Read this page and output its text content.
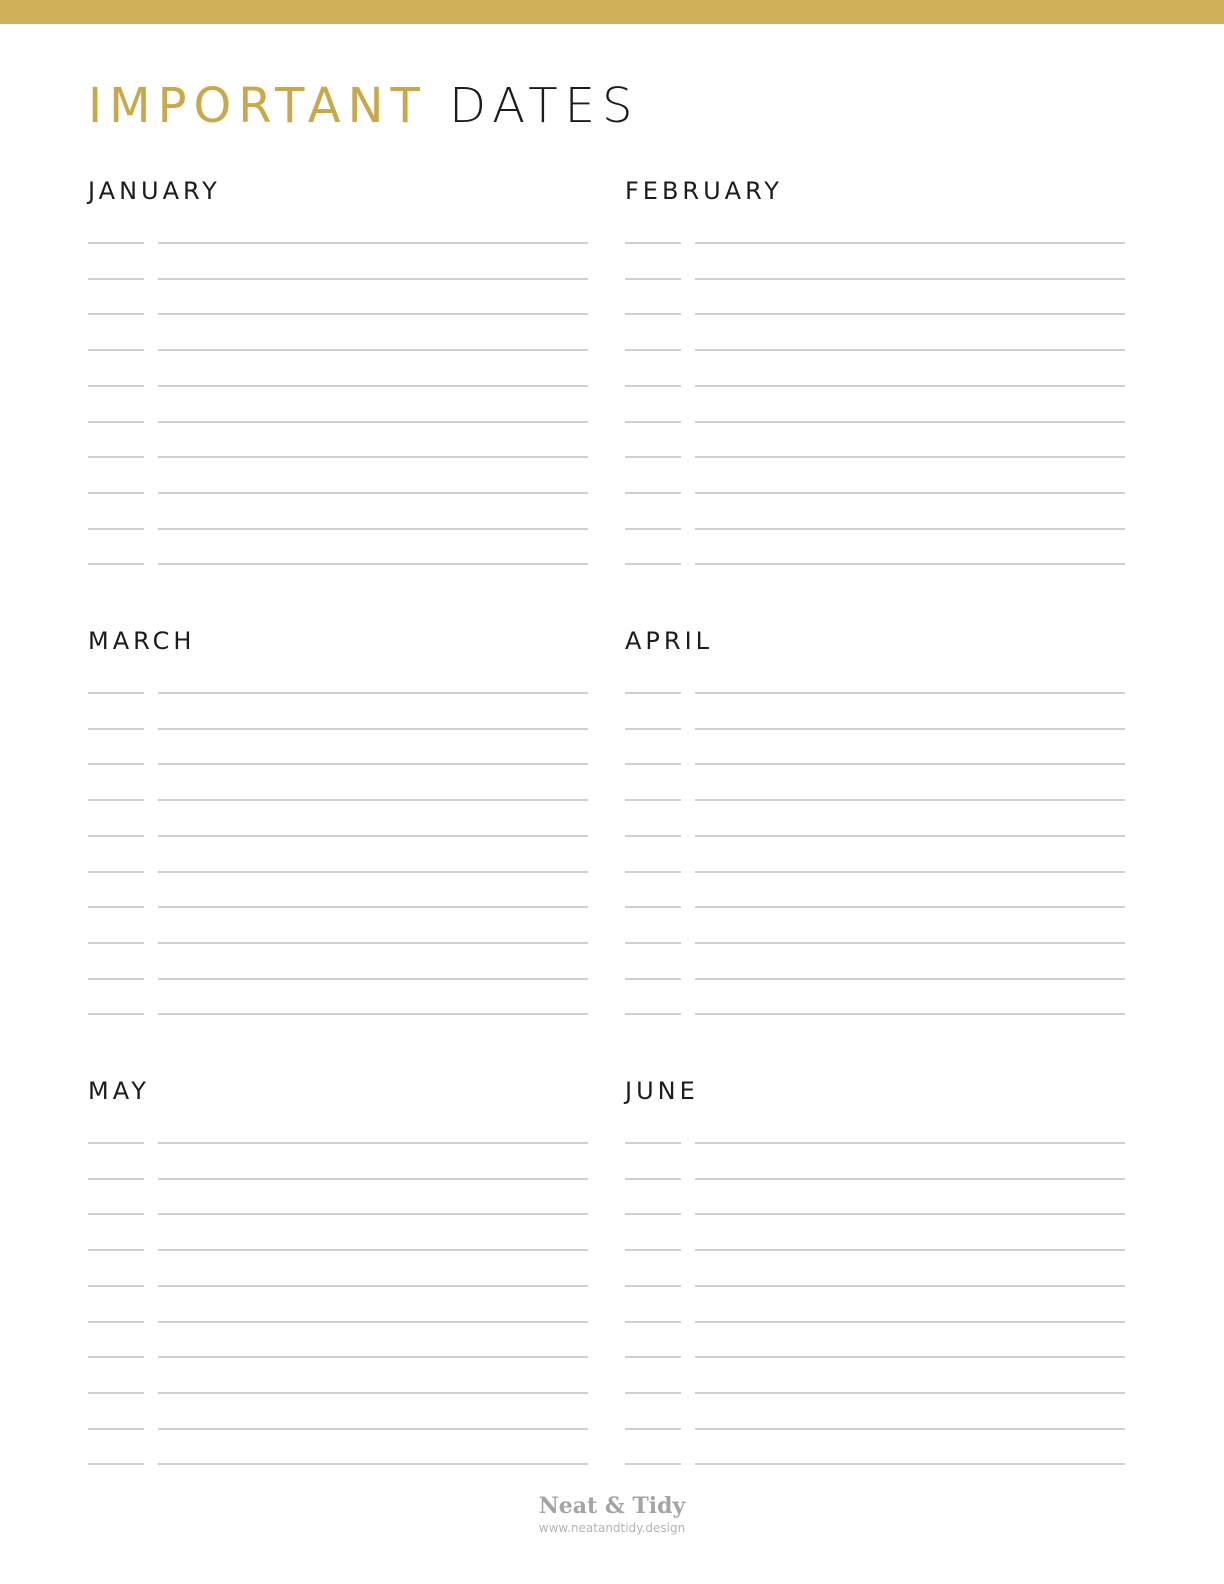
IMPORTANT DATES
JANUARY	FEBRUARY
MARCH	APRIL
MAY	JUNE
Neat & Tidy
www.neatandtidy.design
